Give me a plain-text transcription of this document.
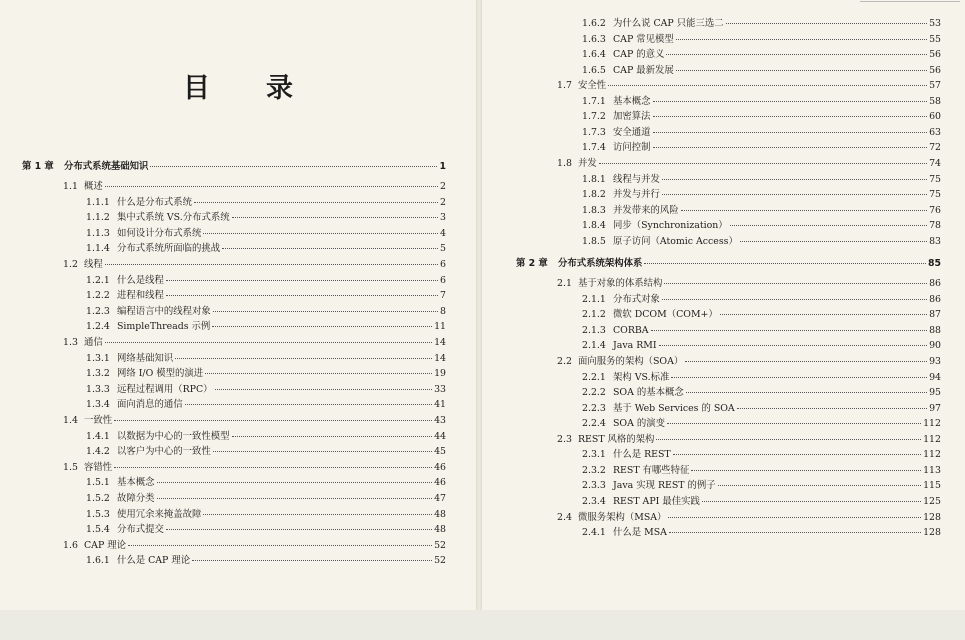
目 录
第 1 章	分布式系统基础知识	1
1.1 概述	2
1.1.1 什么是分布式系统	2
1.1.2 集中式系统 VS.分布式系统	3
1.1.3 如何设计分布式系统	4
1.1.4 分布式系统所面临的挑战	5
1.2 线程	6
1.2.1 什么是线程	6
1.2.2 进程和线程	7
1.2.3 编程语言中的线程对象	8
1.2.4 SimpleThreads 示例	11
1.3 通信	14
1.3.1 网络基础知识	14
1.3.2 网络 I/O 模型的演进	19
1.3.3 远程过程调用（RPC）	33
1.3.4 面向消息的通信	41
1.4 一致性	43
1.4.1 以数据为中心的一致性模型	44
1.4.2 以客户为中心的一致性	45
1.5 容错性	46
1.5.1 基本概念	46
1.5.2 故障分类	47
1.5.3 使用冗余来掩盖故障	48
1.5.4 分布式提交	48
1.6 CAP 理论	52
1.6.1 什么是 CAP 理论	52
1.6.2 为什么说 CAP 只能三选二	53
1.6.3 CAP 常见模型	55
1.6.4 CAP 的意义	56
1.6.5 CAP 最新发展	56
1.7 安全性	57
1.7.1 基本概念	58
1.7.2 加密算法	60
1.7.3 安全通道	63
1.7.4 访问控制	72
1.8 并发	74
1.8.1 线程与并发	75
1.8.2 并发与并行	75
1.8.3 并发带来的风险	76
1.8.4 同步（Synchronization）	78
1.8.5 原子访问（Atomic Access）	83
第 2 章	分布式系统架构体系	85
2.1 基于对象的体系结构	86
2.1.1 分布式对象	86
2.1.2 微软 DCOM（COM+）	87
2.1.3 CORBA	88
2.1.4 Java RMI	90
2.2 面向服务的架构（SOA）	93
2.2.1 架构 VS.标准	94
2.2.2 SOA 的基本概念	95
2.2.3 基于 Web Services 的 SOA	97
2.2.4 SOA 的演变	112
2.3 REST 风格的架构	112
2.3.1 什么是 REST	112
2.3.2 REST 有哪些特征	113
2.3.3 Java 实现 REST 的例子	115
2.3.4 REST API 最佳实践	125
2.4 微服务架构（MSA）	128
2.4.1 什么是 MSA	128
